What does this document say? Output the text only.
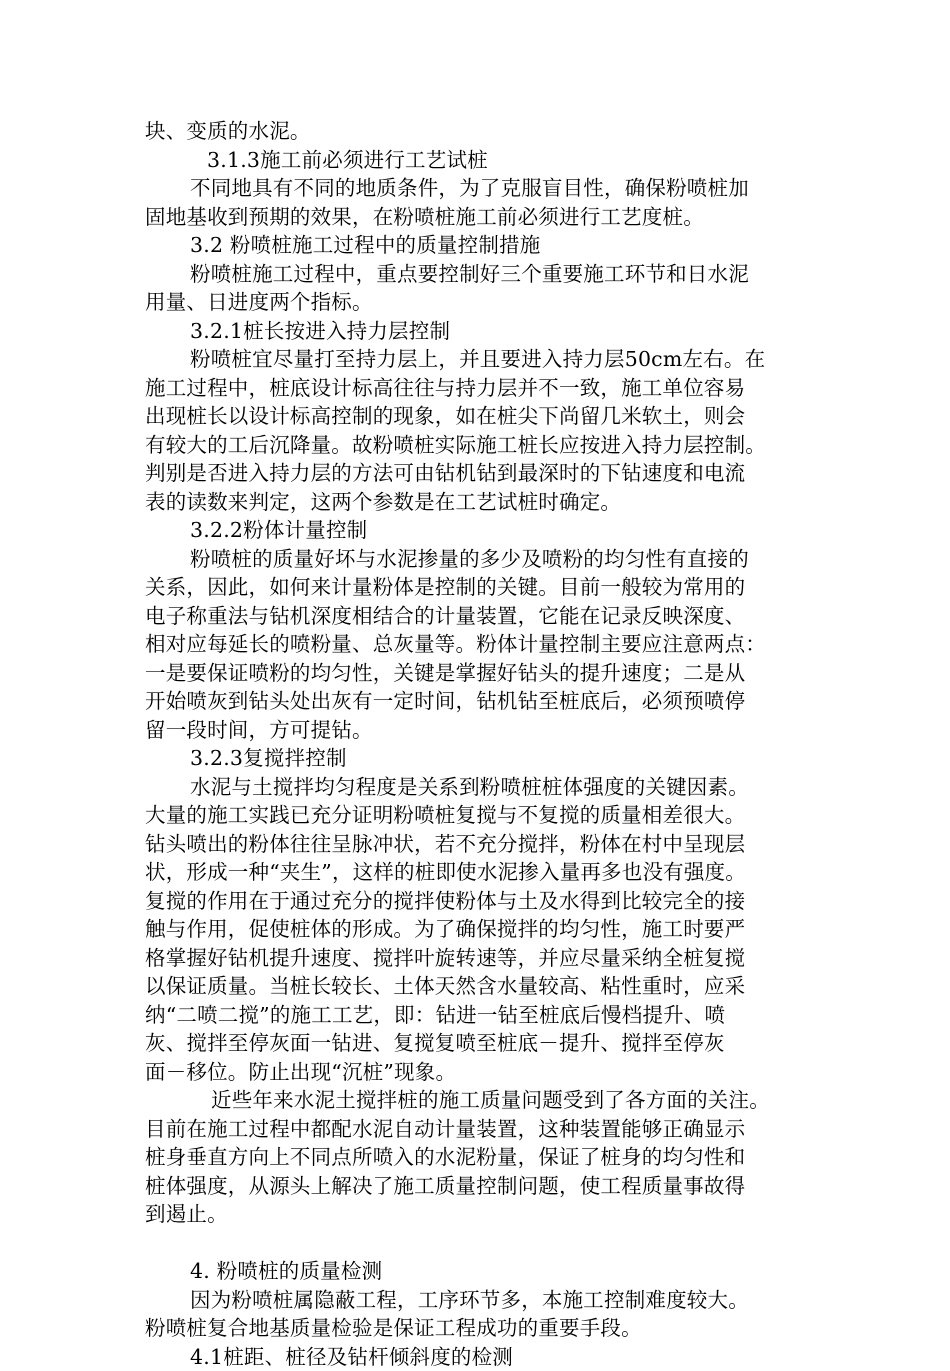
块、变质的水泥。
3.1.3施工前必须进行工艺试桩
不同地具有不同的地质条件，为了克服盲目性，确保粉喷桩加
固地基收到预期的效果，在粉喷桩施工前必须进行工艺度桩。
3.2 粉喷桩施工过程中的质量控制措施
粉喷桩施工过程中，重点要控制好三个重要施工环节和日水泥
用量、日进度两个指标。
3.2.1桩长按进入持力层控制
粉喷桩宜尽量打至持力层上，并且要进入持力层50cm左右。在
施工过程中，桩底设计标高往往与持力层并不一致，施工单位容易
出现桩长以设计标高控制的现象，如在桩尖下尚留几米软土，则会
有较大的工后沉降量。故粉喷桩实际施工桩长应按进入持力层控制。
判别是否进入持力层的方法可由钻机钻到最深时的下钻速度和电流
表的读数来判定，这两个参数是在工艺试桩时确定。
3.2.2粉体计量控制
粉喷桩的质量好坏与水泥掺量的多少及喷粉的均匀性有直接的
关系，因此，如何来计量粉体是控制的关键。目前一般较为常用的
电子称重法与钻机深度相结合的计量装置，它能在记录反映深度、
相对应每延长的喷粉量、总灰量等。粉体计量控制主要应注意两点：
一是要保证喷粉的均匀性，关键是掌握好钻头的提升速度；二是从
开始喷灰到钻头处出灰有一定时间，钻机钻至桩底后，必须预喷停
留一段时间，方可提钻。
3.2.3复搅拌控制
水泥与土搅拌均匀程度是关系到粉喷桩桩体强度的关键因素。
大量的施工实践已充分证明粉喷桩复搅与不复搅的质量相差很大。
钻头喷出的粉体往往呈脉冲状，若不充分搅拌，粉体在村中呈现层
状，形成一种“夹生”，这样的桩即使水泥掺入量再多也没有强度。
复搅的作用在于通过充分的搅拌使粉体与土及水得到比较完全的接
触与作用，促使桩体的形成。为了确保搅拌的均匀性，施工时要严
格掌握好钻机提升速度、搅拌叶旋转速等，并应尽量采纳全桩复搅
以保证质量。当桩长较长、土体天然含水量较高、粘性重时，应采
纳“二喷二搅”的施工工艺，即：钻进一钻至桩底后慢档提升、喷
灰、搅拌至停灰面一钻进、复搅复喷至桩底－提升、搅拌至停灰
面－移位。防止出现“沉桩”现象。
近些年来水泥土搅拌桩的施工质量问题受到了各方面的关注。
目前在施工过程中都配水泥自动计量装置，这种装置能够正确显示
桩身垂直方向上不同点所喷入的水泥粉量，保证了桩身的均匀性和
桩体强度，从源头上解决了施工质量控制问题，使工程质量事故得
到遏止。
4. 粉喷桩的质量检测
因为粉喷桩属隐蔽工程，工序环节多，本施工控制难度较大。
粉喷桩复合地基质量检验是保证工程成功的重要手段。
4.1桩距、桩径及钻杆倾斜度的检测
